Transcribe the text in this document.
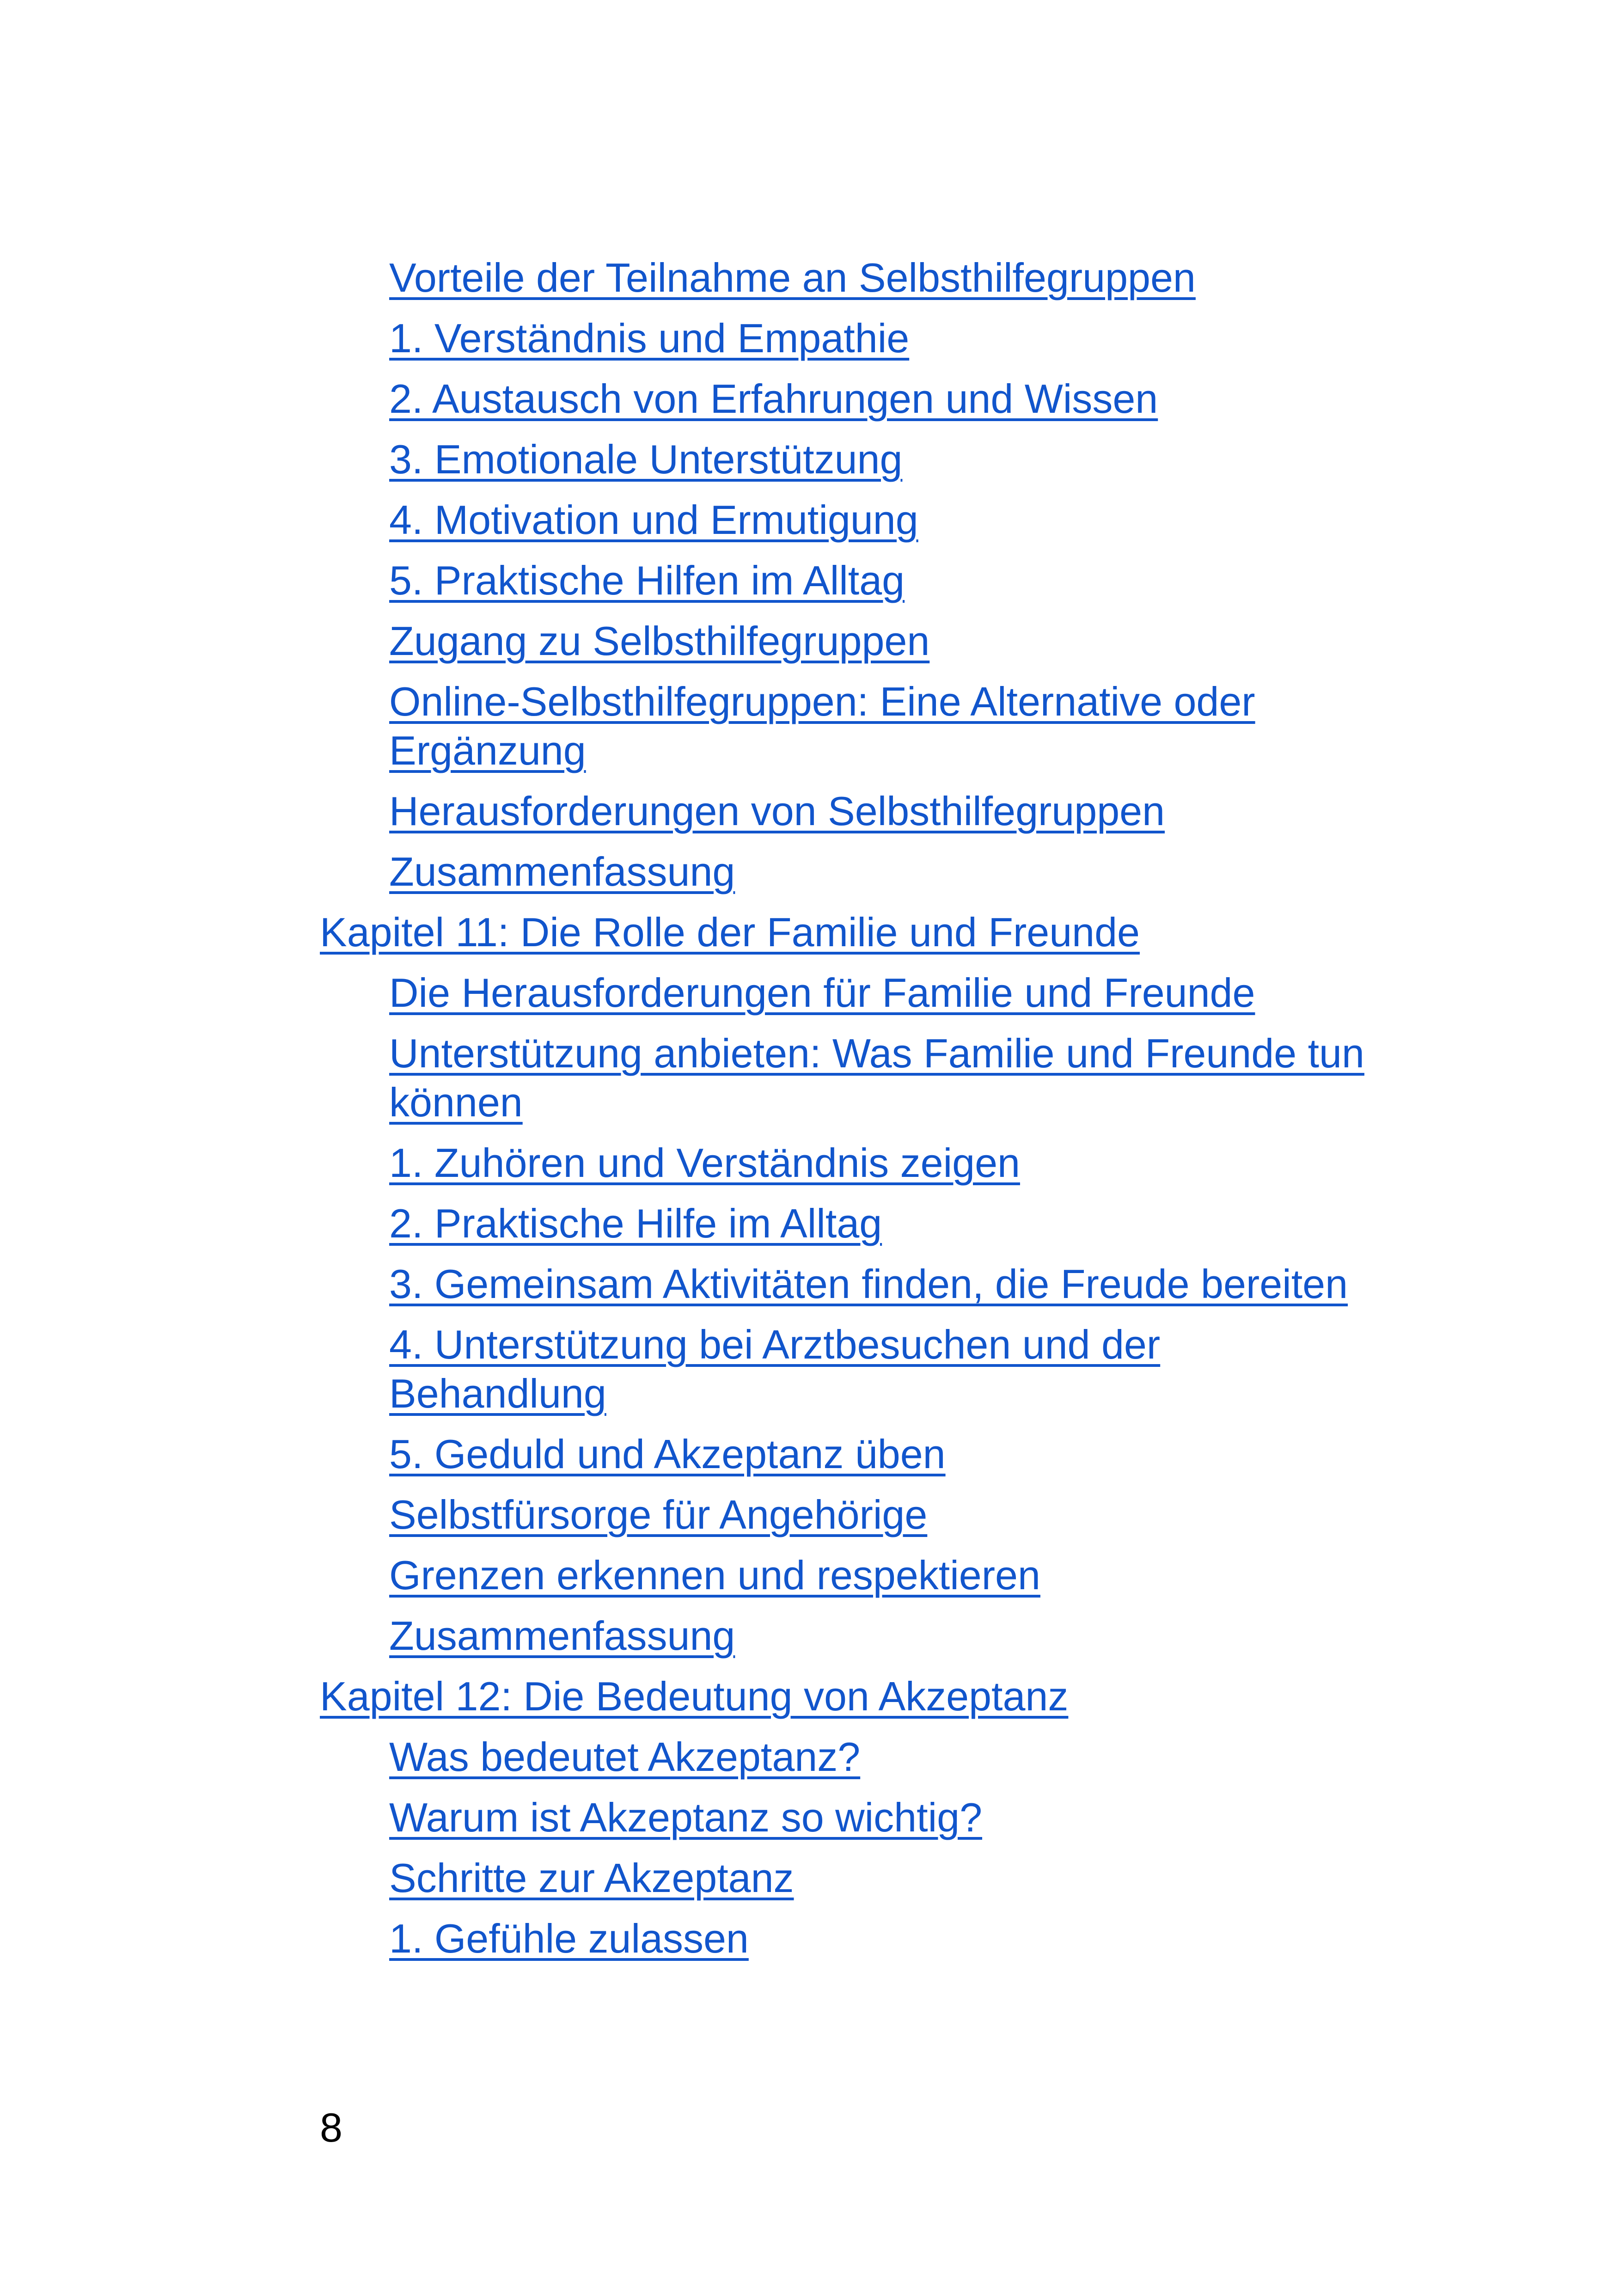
Vorteile der Teilnahme an Selbsthilfegruppen
1. Verständnis und Empathie
2. Austausch von Erfahrungen und Wissen
3. Emotionale Unterstützung
4. Motivation und Ermutigung
5. Praktische Hilfen im Alltag
Zugang zu Selbsthilfegruppen
Online-Selbsthilfegruppen: Eine Alternative oder Ergänzung
Herausforderungen von Selbsthilfegruppen
Zusammenfassung
Kapitel 11: Die Rolle der Familie und Freunde
Die Herausforderungen für Familie und Freunde
Unterstützung anbieten: Was Familie und Freunde tun können
1. Zuhören und Verständnis zeigen
2. Praktische Hilfe im Alltag
3. Gemeinsam Aktivitäten finden, die Freude bereiten
4. Unterstützung bei Arztbesuchen und der Behandlung
5. Geduld und Akzeptanz üben
Selbstfürsorge für Angehörige
Grenzen erkennen und respektieren
Zusammenfassung
Kapitel 12: Die Bedeutung von Akzeptanz
Was bedeutet Akzeptanz?
Warum ist Akzeptanz so wichtig?
Schritte zur Akzeptanz
1. Gefühle zulassen
8
